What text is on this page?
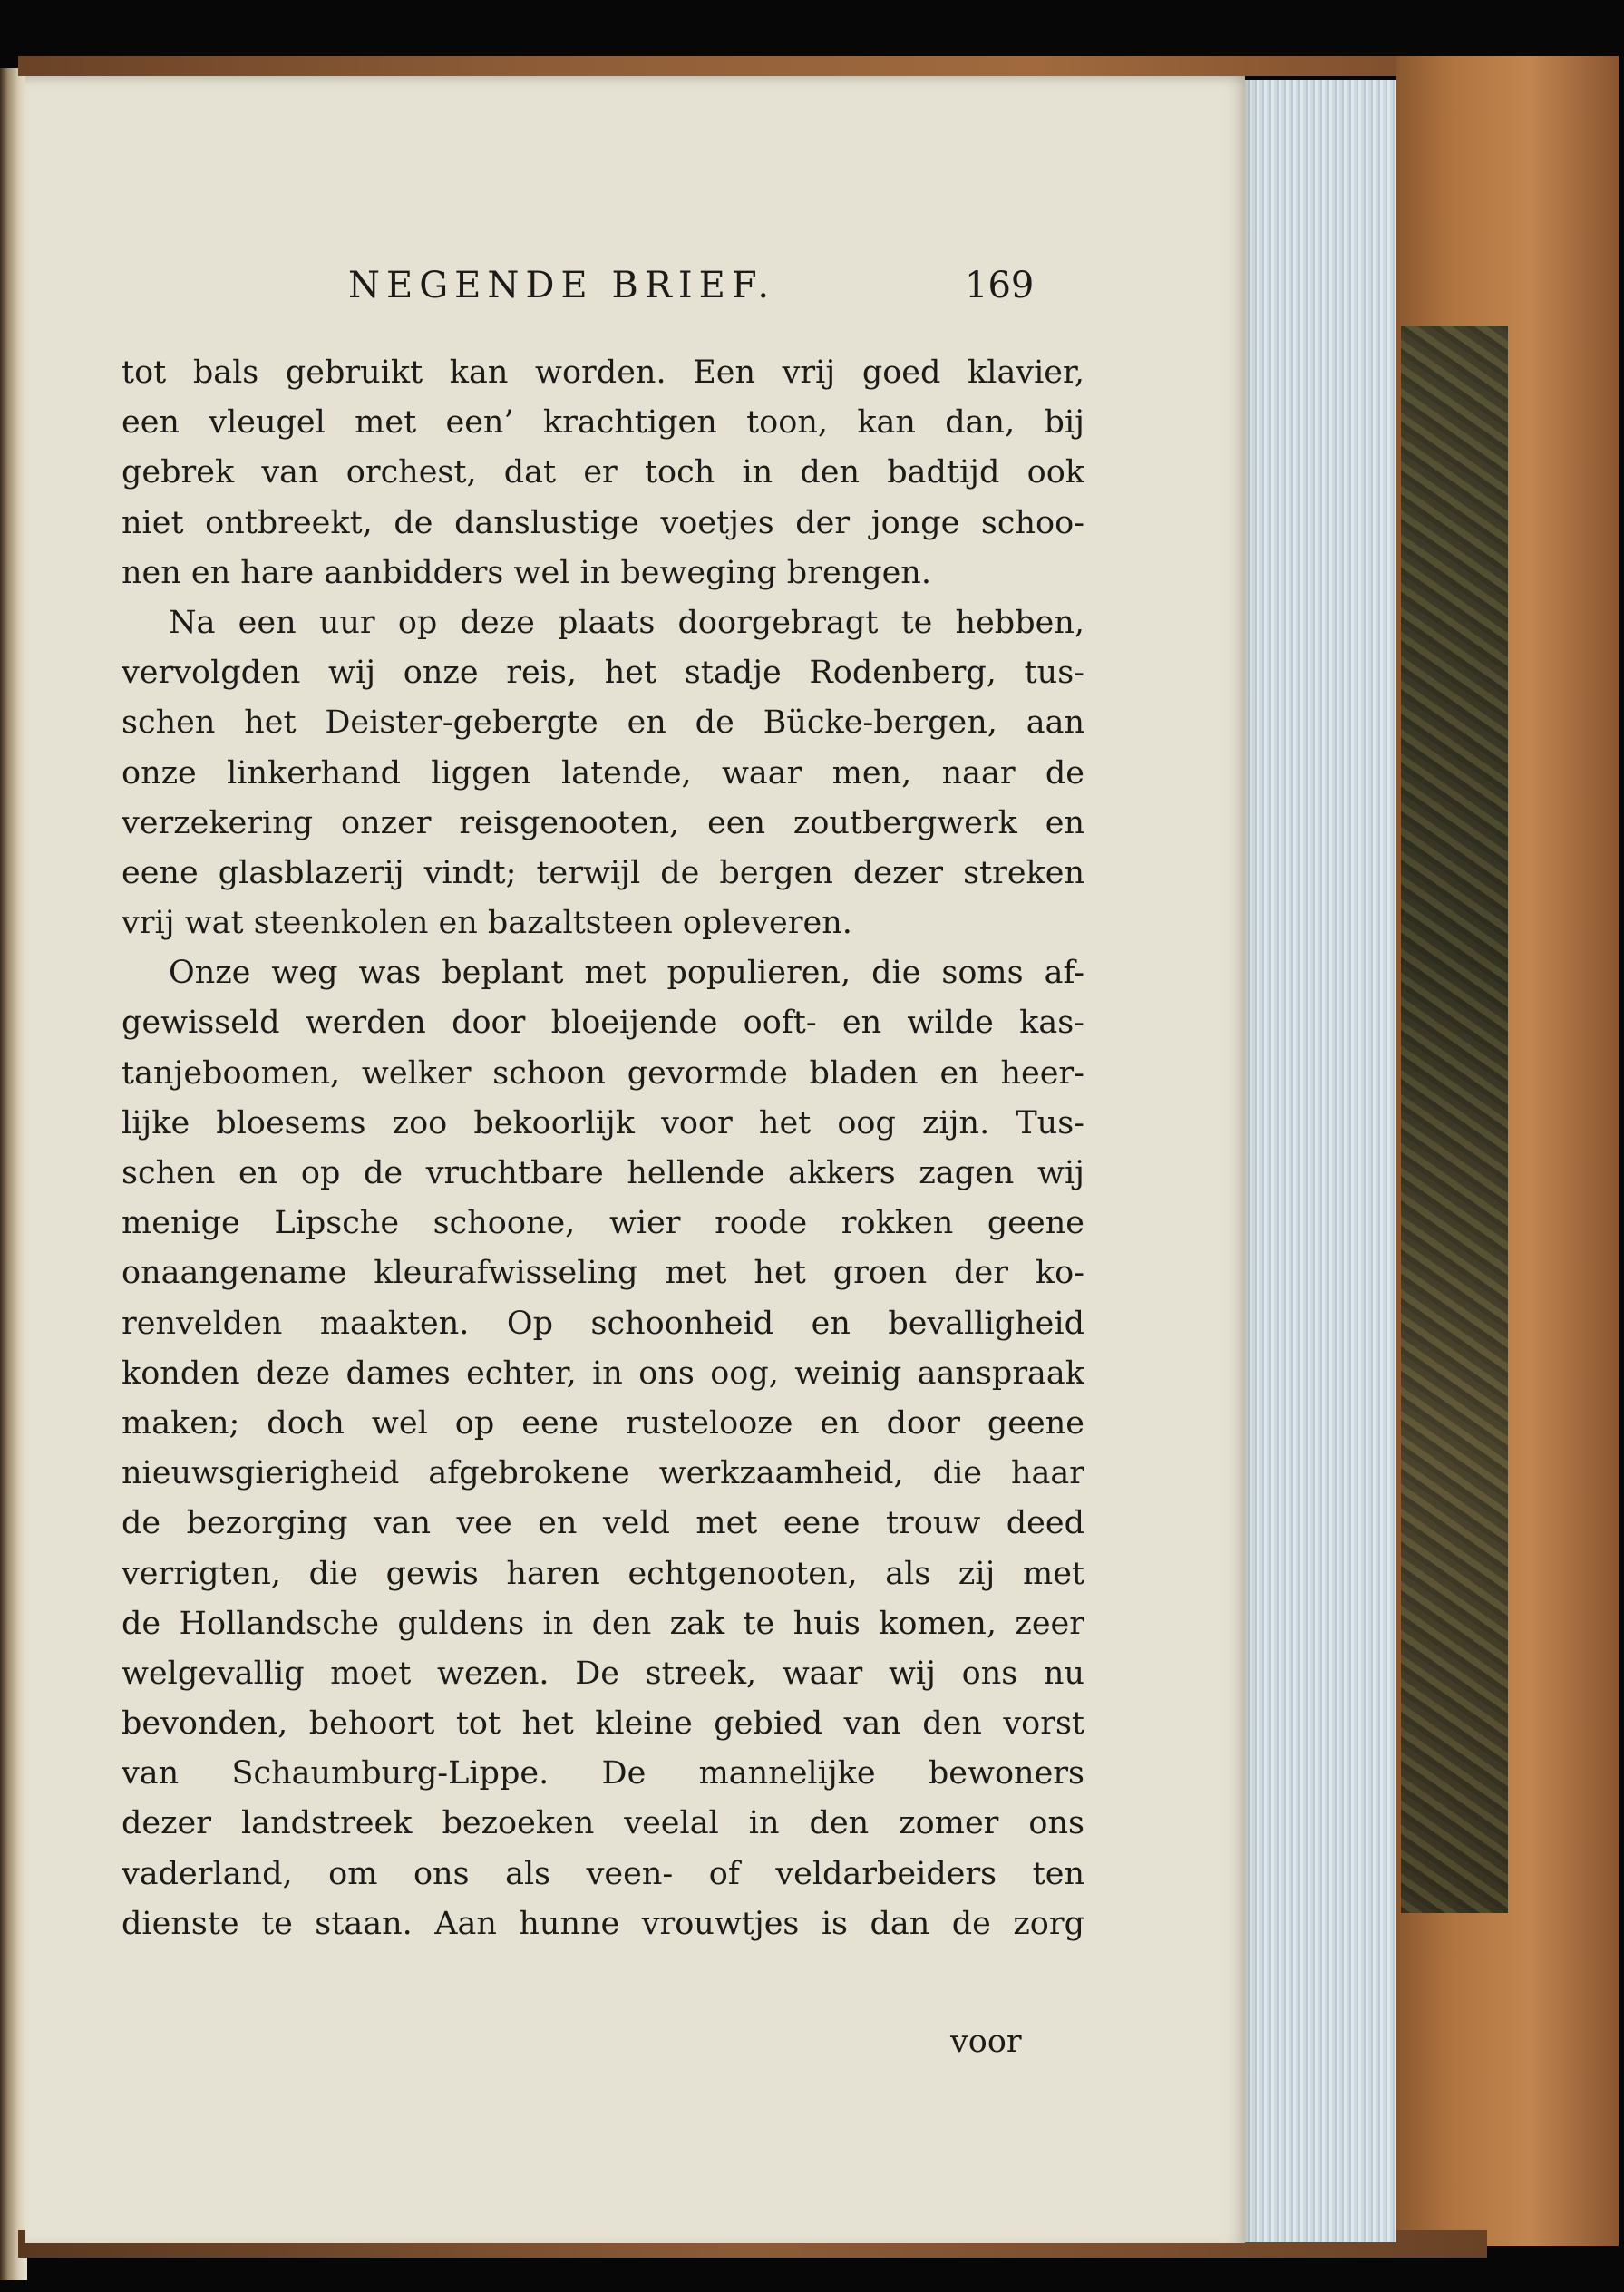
NEGENDE BRIEF.	169
tot bals gebruikt kan worden. Een vrij goed klavier,
een vleugel met een’ krachtigen toon, kan dan, bij
gebrek van orchest, dat er toch in den badtijd ook
niet ontbreekt, de danslustige voetjes der jonge schoo-
nen en hare aanbidders wel in beweging brengen.
Na een uur op deze plaats doorgebragt te hebben,
vervolgden wij onze reis, het stadje Rodenberg, tus-
schen het Deister-gebergte en de Bücke-bergen, aan
onze linkerhand liggen latende, waar men, naar de
verzekering onzer reisgenooten, een zoutbergwerk en
eene glasblazerij vindt; terwijl de bergen dezer streken
vrij wat steenkolen en bazaltsteen opleveren.
Onze weg was beplant met populieren, die soms af-
gewisseld werden door bloeijende ooft- en wilde kas-
tanjeboomen, welker schoon gevormde bladen en heer-
lijke bloesems zoo bekoorlijk voor het oog zijn. Tus-
schen en op de vruchtbare hellende akkers zagen wij
menige Lipsche schoone, wier roode rokken geene
onaangename kleurafwisseling met het groen der ko-
renvelden maakten. Op schoonheid en bevalligheid
konden deze dames echter, in ons oog, weinig aanspraak
maken; doch wel op eene rustelooze en door geene
nieuwsgierigheid afgebrokene werkzaamheid, die haar
de bezorging van vee en veld met eene trouw deed
verrigten, die gewis haren echtgenooten, als zij met
de Hollandsche guldens in den zak te huis komen, zeer
welgevallig moet wezen. De streek, waar wij ons nu
bevonden, behoort tot het kleine gebied van den vorst
van Schaumburg-Lippe. De mannelijke bewoners
dezer landstreek bezoeken veelal in den zomer ons
vaderland, om ons als veen- of veldarbeiders ten
dienste te staan. Aan hunne vrouwtjes is dan de zorg
voor
